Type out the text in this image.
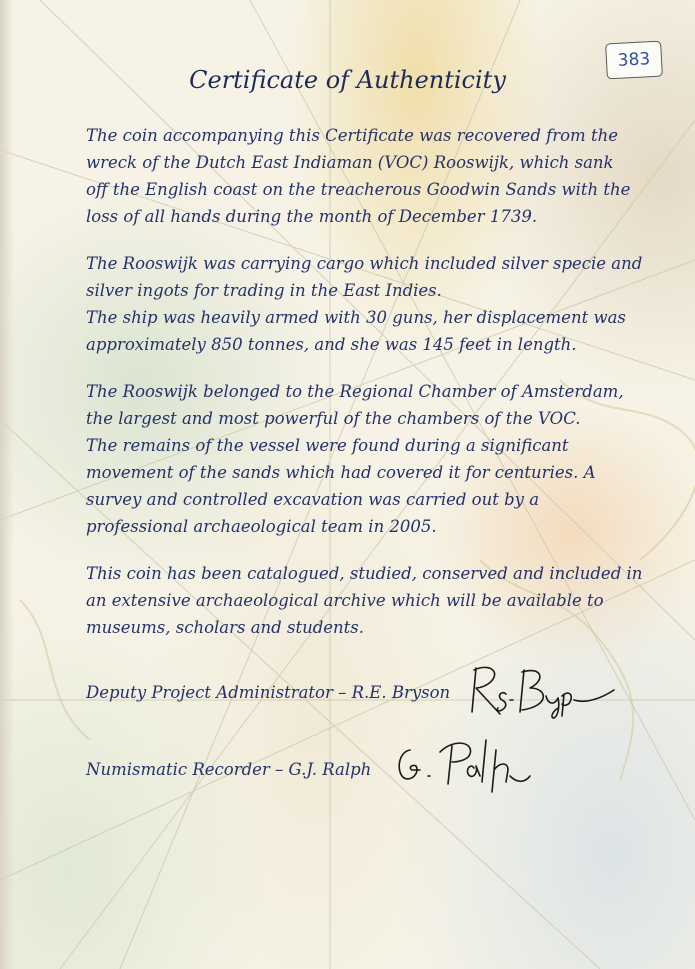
383
Certificate of Authenticity

The coin accompanying this Certificate was recovered from the
wreck of the Dutch East Indiaman (VOC) Rooswijk, which sank
off the English coast on the treacherous Goodwin Sands with the
loss of all hands during the month of December 1739.

The Rooswijk was carrying cargo which included silver specie and
silver ingots for trading in the East Indies.
The ship was heavily armed with 30 guns, her displacement was
approximately 850 tonnes, and she was 145 feet in length.

The Rooswijk belonged to the Regional Chamber of Amsterdam,
the largest and most powerful of the chambers of the VOC.
The remains of the vessel were found during a significant
movement of the sands which had covered it for centuries. A
survey and controlled excavation was carried out by a
professional archaeological team in 2005.

This coin has been catalogued, studied, conserved and included in
an extensive archaeological archive which will be available to
museums, scholars and students.

Deputy Project Administrator – R.E. Bryson
Numismatic Recorder – G.J. Ralph
